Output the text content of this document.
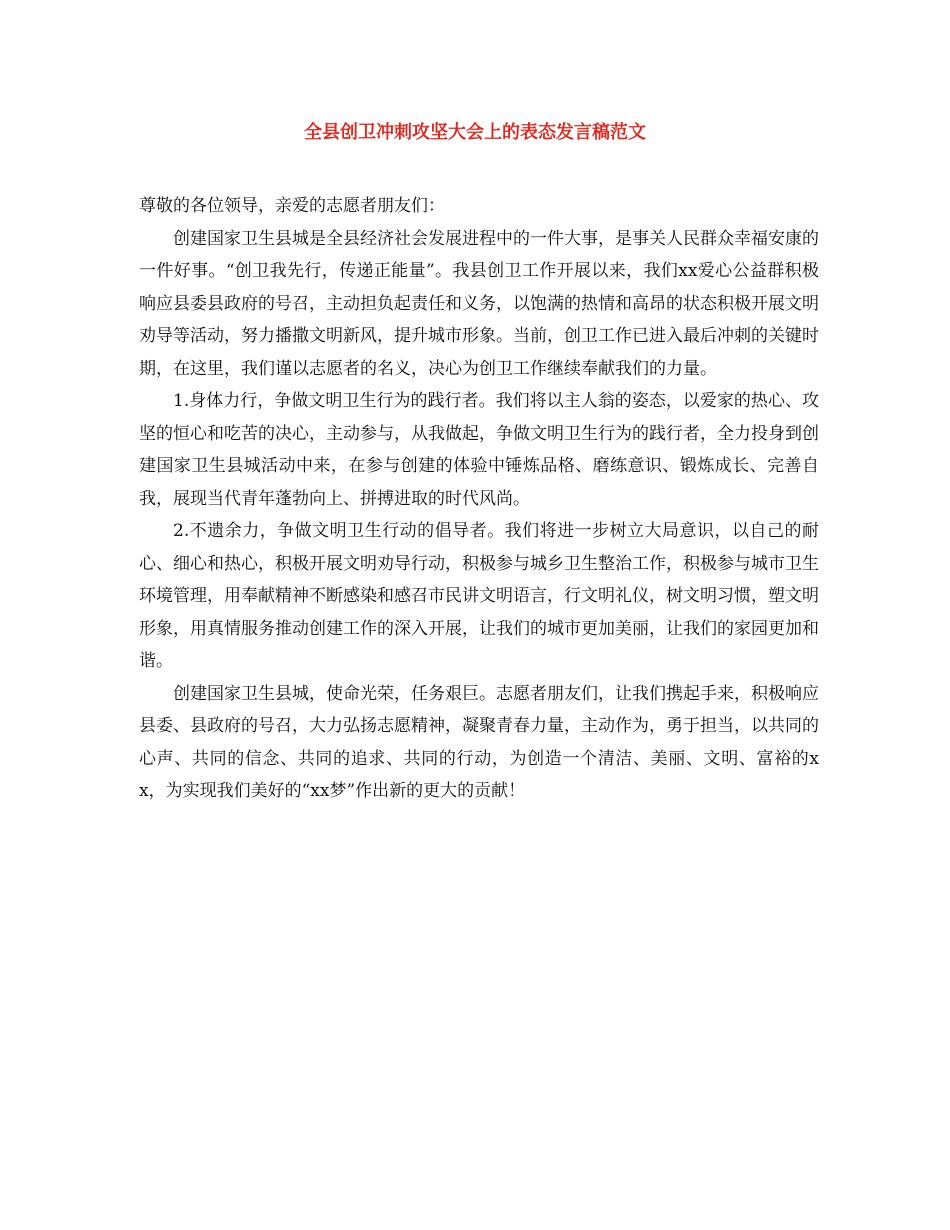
全县创卫冲刺攻坚大会上的表态发言稿范文

尊敬的各位领导，亲爱的志愿者朋友们：

创建国家卫生县城是全县经济社会发展进程中的一件大事，是事关人民群众幸福安康的一件好事。“创卫我先行，传递正能量”。我县创卫工作开展以来，我们xx爱心公益群积极响应县委县政府的号召，主动担负起责任和义务，以饱满的热情和高昂的状态积极开展文明劝导等活动，努力播撒文明新风，提升城市形象。当前，创卫工作已进入最后冲刺的关键时期，在这里，我们谨以志愿者的名义，决心为创卫工作继续奉献我们的力量。

1.身体力行，争做文明卫生行为的践行者。我们将以主人翁的姿态，以爱家的热心、攻坚的恒心和吃苦的决心，主动参与，从我做起，争做文明卫生行为的践行者，全力投身到创建国家卫生县城活动中来，在参与创建的体验中锤炼品格、磨练意识、锻炼成长、完善自我，展现当代青年蓬勃向上、拼搏进取的时代风尚。

2.不遗余力，争做文明卫生行动的倡导者。我们将进一步树立大局意识，以自己的耐心、细心和热心，积极开展文明劝导行动，积极参与城乡卫生整治工作，积极参与城市卫生环境管理，用奉献精神不断感染和感召市民讲文明语言，行文明礼仪，树文明习惯，塑文明形象，用真情服务推动创建工作的深入开展，让我们的城市更加美丽，让我们的家园更加和谐。

创建国家卫生县城，使命光荣，任务艰巨。志愿者朋友们，让我们携起手来，积极响应县委、县政府的号召，大力弘扬志愿精神，凝聚青春力量，主动作为，勇于担当，以共同的心声、共同的信念、共同的追求、共同的行动，为创造一个清洁、美丽、文明、富裕的xx，为实现我们美好的“xx梦”作出新的更大的贡献！
